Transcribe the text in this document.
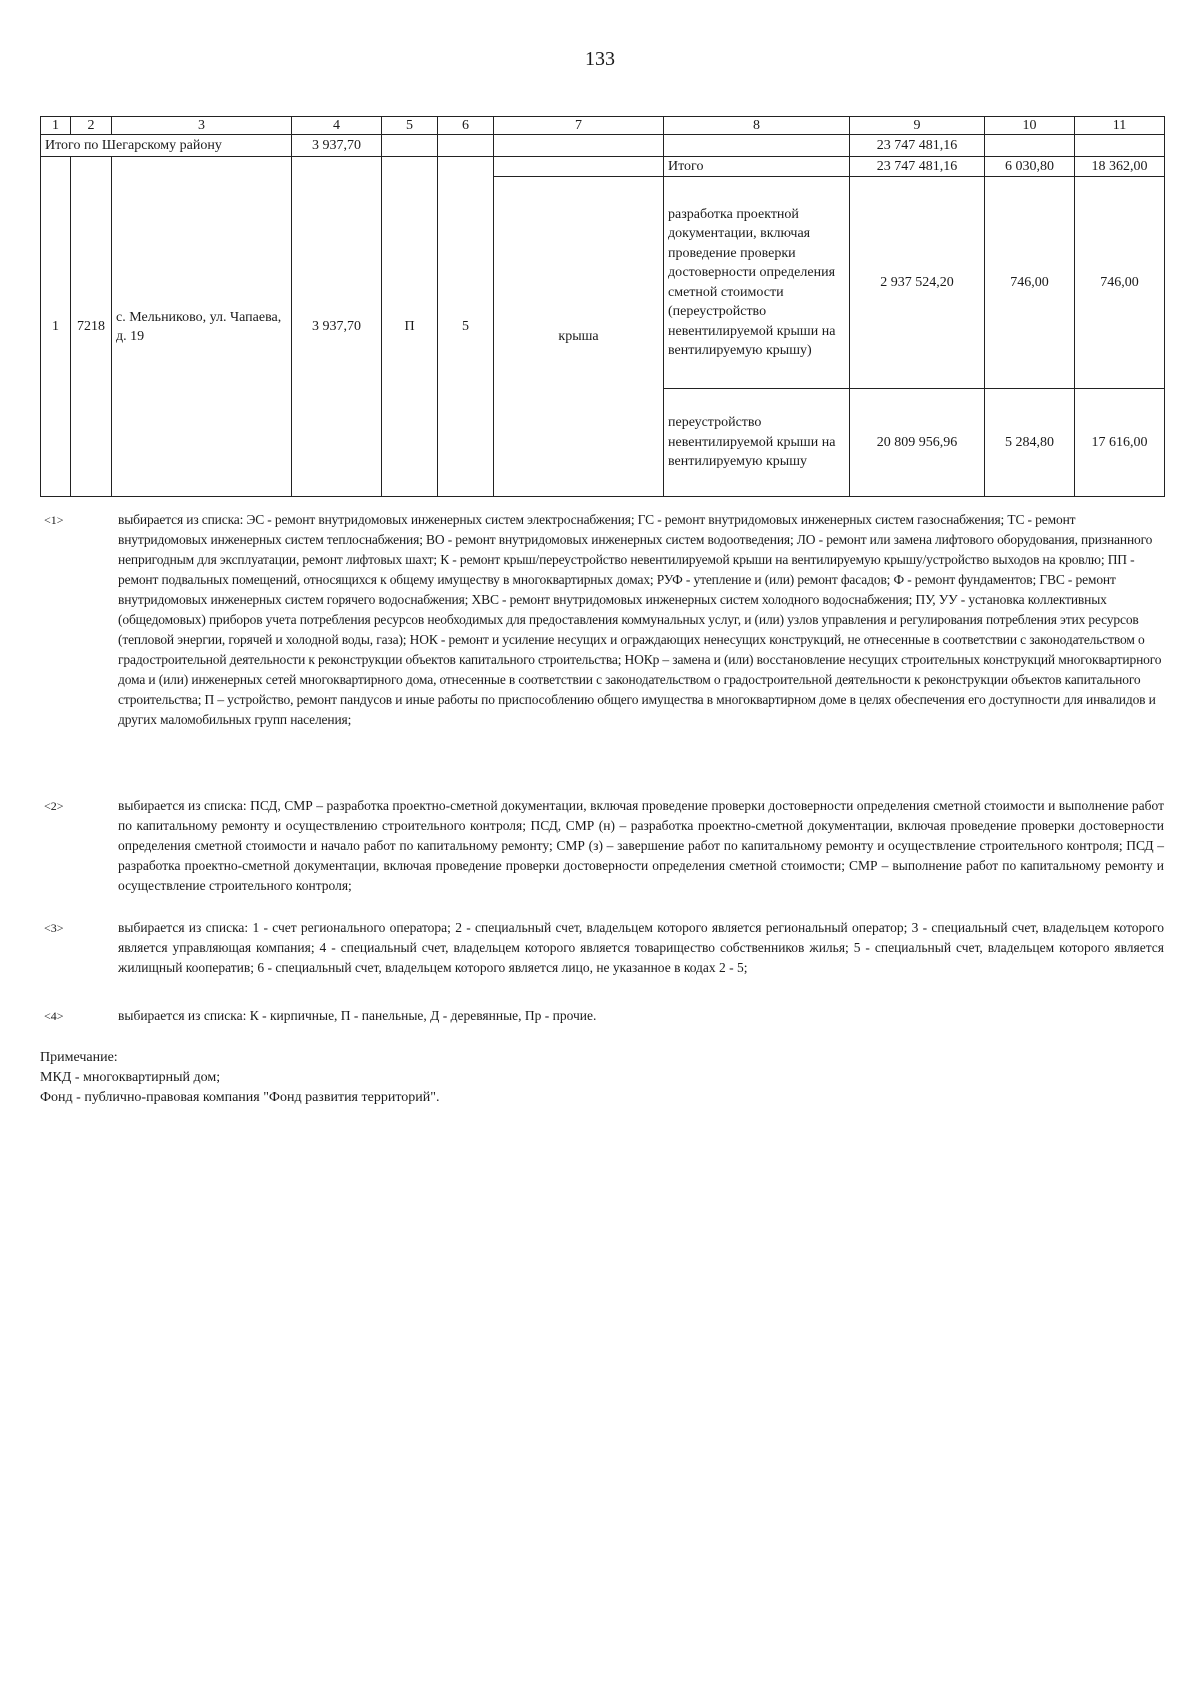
133
1	2	3	4	5	6	7	8	9	10	11
Итого по Шегарскому району			3 937,70					23 747 481,16		
1	7218	с. Мельниково, ул. Чапаева, д. 19	3 937,70	П	5		Итого	23 747 481,16	6 030,80	18 362,00
						крыша	разработка проектной документации, включая проведение проверки достоверности определения сметной стоимости (переустройство невентилируемой крыши на вентилируемую крышу)	2 937 524,20	746,00	746,00
							переустройство невентилируемой крыши на вентилируемую крышу	20 809 956,96	5 284,80	17 616,00
<1>	выбирается из списка: ЭС - ремонт внутридомовых инженерных систем электроснабжения; ГС - ремонт внутридомовых инженерных систем газоснабжения; ТС - ремонт внутридомовых инженерных систем теплоснабжения; ВО - ремонт внутридомовых инженерных систем водоотведения; ЛО - ремонт или замена лифтового оборудования, признанного непригодным для эксплуатации, ремонт лифтовых шахт; К - ремонт крыш/переустройство невентилируемой крыши на вентилируемую крышу/устройство выходов на кровлю; ПП - ремонт подвальных помещений, относящихся к общему имуществу в многоквартирных домах; РУФ - утепление и (или) ремонт фасадов; Ф - ремонт фундаментов; ГВС - ремонт внутридомовых инженерных систем горячего водоснабжения; ХВС - ремонт внутридомовых инженерных систем холодного водоснабжения; ПУ, УУ - установка коллективных (общедомовых) приборов учета потребления ресурсов необходимых для предоставления коммунальных услуг, и (или) узлов управления и регулирования потребления этих ресурсов (тепловой энергии, горячей и холодной воды, газа); НОК - ремонт и усиление несущих и ограждающих ненесущих конструкций, не отнесенные в соответствии с законодательством о градостроительной деятельности к реконструкции объектов капитального строительства; НОКр – замена и (или) восстановление несущих строительных конструкций многоквартирного дома и (или) инженерных сетей многоквартирного дома, отнесенные в соответствии с законодательством о градостроительной деятельности к реконструкции объектов капитального строительства; П – устройство, ремонт пандусов и иные работы по приспособлению общего имущества в многоквартирном доме в целях обеспечения его доступности для инвалидов и других маломобильных групп населения;
<2>	выбирается из списка: ПСД, СМР – разработка проектно-сметной документации, включая проведение проверки достоверности определения сметной стоимости и выполнение работ по капитальному ремонту и осуществлению строительного контроля; ПСД, СМР (н) – разработка проектно-сметной документации, включая проведение проверки достоверности определения сметной стоимости и начало работ по капитальному ремонту; СМР (з) – завершение работ по капитальному ремонту и осуществление строительного контроля; ПСД – разработка проектно-сметной документации, включая проведение проверки достоверности определения сметной стоимости; СМР – выполнение работ по капитальному ремонту и осуществление строительного контроля;
<3>	выбирается из списка: 1 - счет регионального оператора; 2 - специальный счет, владельцем которого является региональный оператор; 3 - специальный счет, владельцем которого является управляющая компания; 4 - специальный счет, владельцем которого является товарищество собственников жилья; 5 - специальный счет, владельцем которого является жилищный кооператив; 6 - специальный счет, владельцем которого является лицо, не указанное в кодах 2 - 5;
<4>	выбирается из списка: К - кирпичные, П - панельные, Д - деревянные, Пр - прочие.
Примечание:
МКД - многоквартирный дом;
Фонд - публично-правовая компания "Фонд развития территорий".
